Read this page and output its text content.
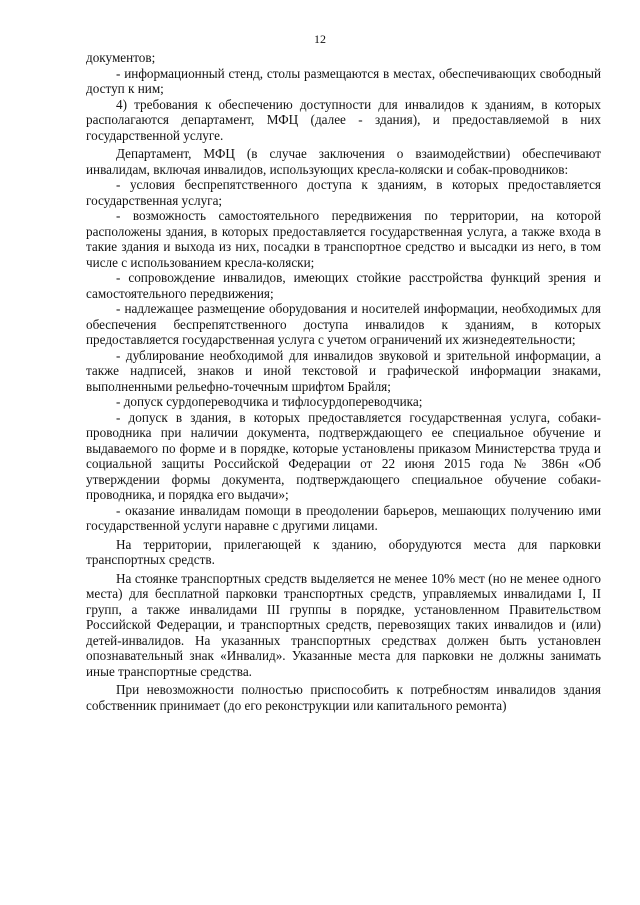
12

документов;

- информационный стенд, столы размещаются в местах, обеспечивающих свободный доступ к ним;

4) требования к обеспечению доступности для инвалидов к зданиям, в которых располагаются департамент, МФЦ (далее - здания), и предоставляемой в них государственной услуге.

Департамент, МФЦ (в случае заключения о взаимодействии) обеспечивают инвалидам, включая инвалидов, использующих кресла-коляски и собак-проводников:

- условия беспрепятственного доступа к зданиям, в которых предоставляется государственная услуга;

- возможность самостоятельного передвижения по территории, на которой расположены здания, в которых предоставляется государственная услуга, а также входа в такие здания и выхода из них, посадки в транспортное средство и высадки из него, в том числе с использованием кресла-коляски;

- сопровождение инвалидов, имеющих стойкие расстройства функций зрения и самостоятельного передвижения;

- надлежащее размещение оборудования и носителей информации, необходимых для обеспечения беспрепятственного доступа инвалидов к зданиям, в которых предоставляется государственная услуга с учетом ограничений их жизнедеятельности;

- дублирование необходимой для инвалидов звуковой и зрительной информации, а также надписей, знаков и иной текстовой и графической информации знаками, выполненными рельефно-точечным шрифтом Брайля;

- допуск сурдопереводчика и тифлосурдопереводчика;

- допуск в здания, в которых предоставляется государственная услуга, собаки-проводника при наличии документа, подтверждающего ее специальное обучение и выдаваемого по форме и в порядке, которые установлены приказом Министерства труда и социальной защиты Российской Федерации от 22 июня 2015 года № 386н «Об утверждении формы документа, подтверждающего специальное обучение собаки-проводника, и порядка его выдачи»;

- оказание инвалидам помощи в преодолении барьеров, мешающих получению ими государственной услуги наравне с другими лицами.

На территории, прилегающей к зданию, оборудуются места для парковки транспортных средств.

На стоянке транспортных средств выделяется не менее 10% мест (но не менее одного места) для бесплатной парковки транспортных средств, управляемых инвалидами I, II групп, а также инвалидами III группы в порядке, установленном Правительством Российской Федерации, и транспортных средств, перевозящих таких инвалидов и (или) детей-инвалидов. На указанных транспортных средствах должен быть установлен опознавательный знак «Инвалид». Указанные места для парковки не должны занимать иные транспортные средства.

При невозможности полностью приспособить к потребностям инвалидов здания собственник принимает (до его реконструкции или капитального ремонта)
